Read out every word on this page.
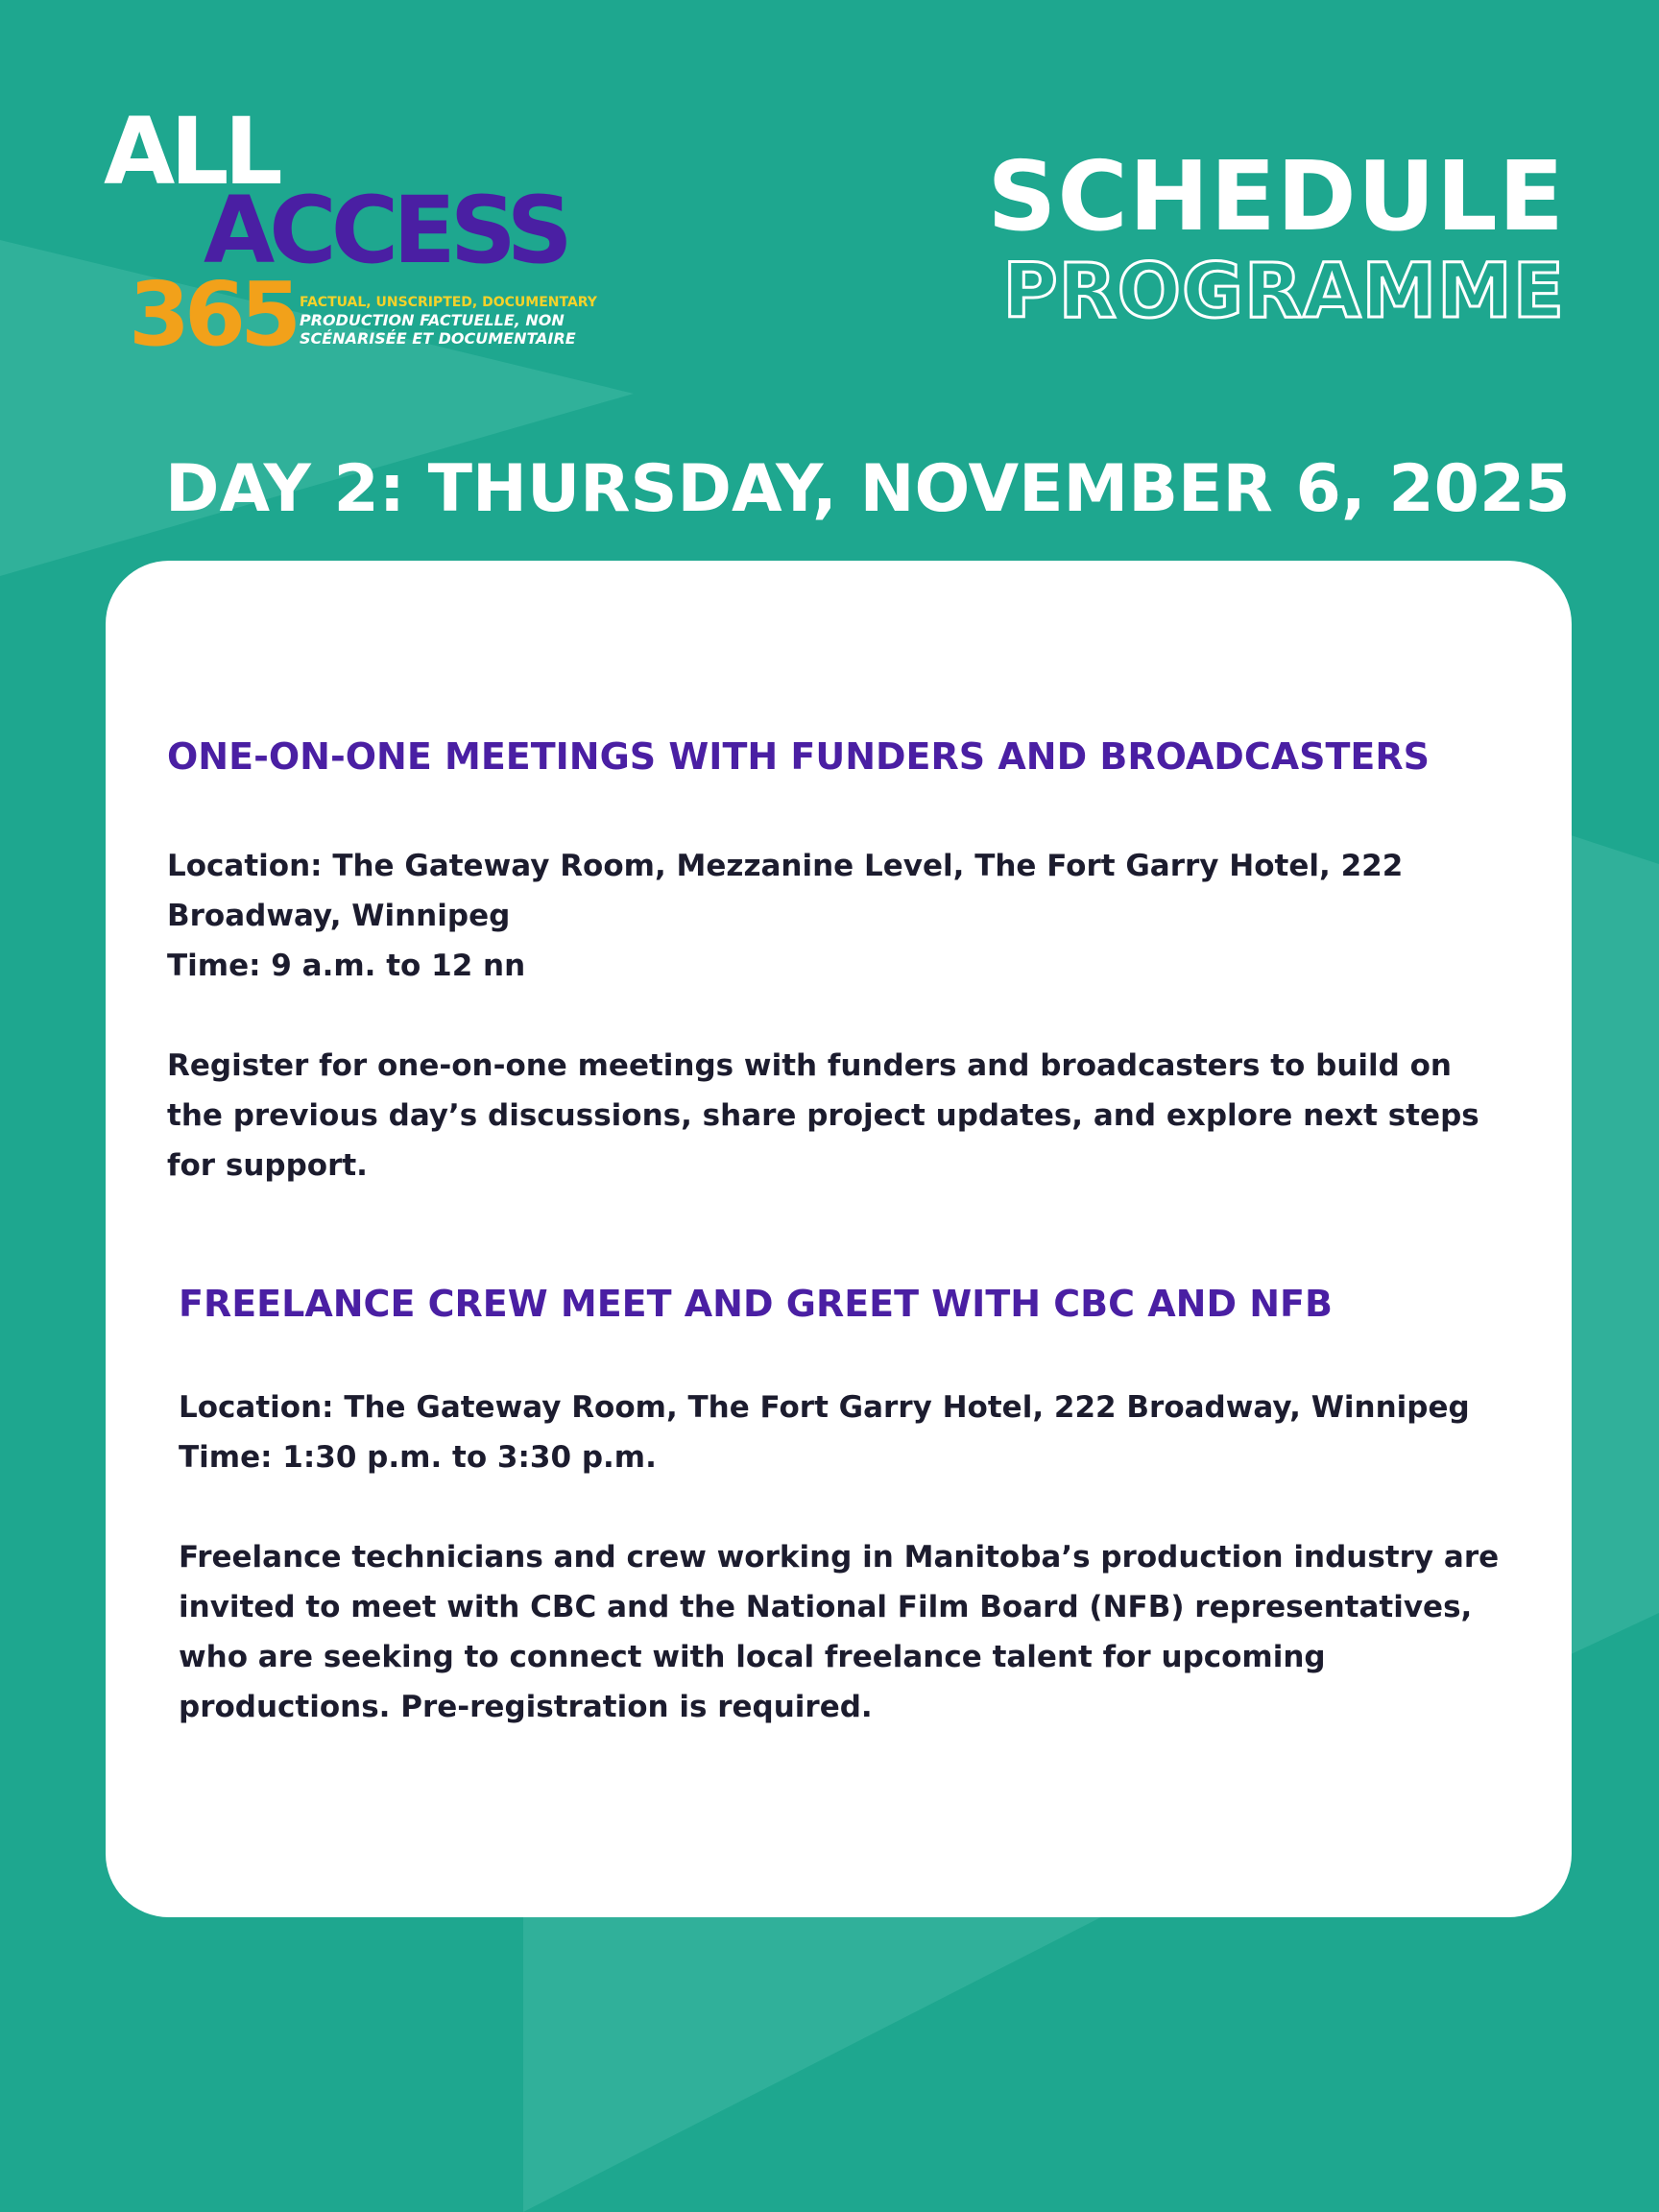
ALL

ACCESS

365 FACTUAL, UNSCRIPTED, DOCUMENTARY
PRODUCTION FACTUELLE, NON
SCÉNARISÉE ET DOCUMENTAIRE
SCHEDULE
PROGRAMME
DAY 2: THURSDAY, NOVEMBER 6, 2025
ONE-ON-ONE MEETINGS WITH FUNDERS AND BROADCASTERS
Location: The Gateway Room, Mezzanine Level, The Fort Garry Hotel, 222
Broadway, Winnipeg
Time: 9 a.m. to 12 nn
Register for one-on-one meetings with funders and broadcasters to build on
the previous day’s discussions, share project updates, and explore next steps
for support.
FREELANCE CREW MEET AND GREET WITH CBC AND NFB
Location: The Gateway Room, The Fort Garry Hotel, 222 Broadway, Winnipeg
Time: 1:30 p.m. to 3:30 p.m.
Freelance technicians and crew working in Manitoba’s production industry are
invited to meet with CBC and the National Film Board (NFB) representatives,
who are seeking to connect with local freelance talent for upcoming
productions. Pre-registration is required.
